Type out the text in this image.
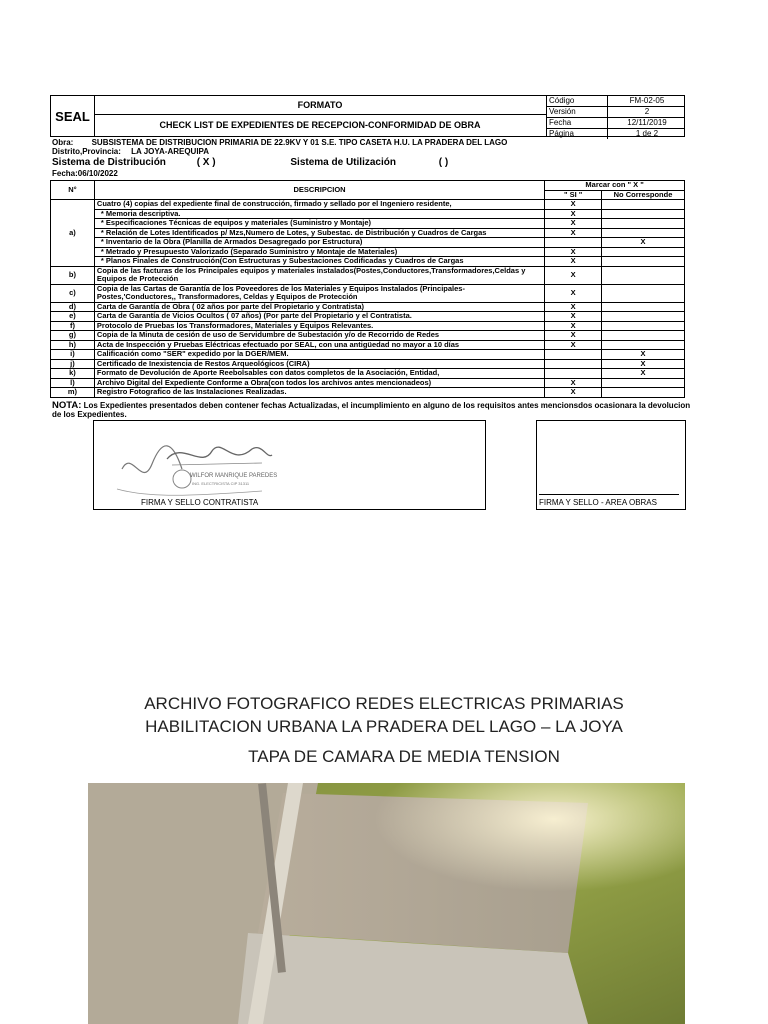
SEAL
FORMATO
CHECK LIST DE EXPEDIENTES DE RECEPCION-CONFORMIDAD DE OBRA
Código	FM-02-05
Versión	2
Fecha	12/11/2019
Página	1 de 2
Obra: SUBSISTEMA DE DISTRIBUCION PRIMARIA DE 22.9KV Y 01 S.E. TIPO CASETA H.U. LA PRADERA DEL LAGO
Distrito,Provincia: LA JOYA-AREQUIPA
Sistema de Distribución	( X )	Sistema de Utilización	( )
Fecha:06/10/2022
N°	DESCRIPCION	Marcar con " X "	
		" SI "	No Corresponde
a)	Cuatro (4) copias del expediente final de construcción, firmado y sellado por el Ingeniero residente,	X	
	* Memoria descriptiva.	X	
	* Especificaciones Técnicas de equipos y materiales (Suministro y Montaje)	X	
	* Relación de Lotes Identificados p/ Mzs,Numero de Lotes, y Subestac. de Distribución y Cuadros de Cargas	X	
	* Inventario de la Obra (Planilla de Armados Desagregado por Estructura)		X
	* Metrado y Presupuesto Valorizado (Separado Suministro y Montaje de Materiales)	X	
	* Planos Finales de Construcción(Con Estructuras y Subestaciones Codificadas y Cuadros de Cargas	X	
b)	Copia de las facturas de los Principales equipos y materiales instalados(Postes,Conductores,Transformadores,Celdas y Equipos de Protección	X	
c)	Copia de las Cartas de Garantía de los Poveedores de los Materiales y Equipos Instalados (Principales-Postes,'Conductores,, Transformadores, Celdas y Equipos de Protección	X	
d)	Carta de Garantía de Obra ( 02 años por parte del Propietario y Contratista)	X	
e)	Carta de Garantía de Vicios Ocultos ( 07 años) (Por parte del Propietario y el Contratista.	X	
f)	Protocolo de Pruebas los Transformadores, Materiales y Equipos Relevantes.	X	
g)	Copia de la Minuta de cesión de uso de Servidumbre de Subestación y/o de Recorrido de Redes	X	
h)	Acta de Inspección y Pruebas Eléctricas efectuado por SEAL, con una antigüedad no mayor a 10 días	X	
i)	Calificación como "SER" expedido por la DGER/MEM.		X
j)	Certificado de Inexistencia de Restos Arqueológicos (CIRA)		X
k)	Formato de Devolución de Aporte Reebolsables con datos completos de la Asociación, Entidad,		X
l)	Archivo Digital del Expediente Conforme a Obra(con todos los archivos antes mencionadeos)	X	
m)	Registro Fotografico de las Instalaciones Realizadas.	X	
NOTA: Los Expedientes presentados deben contener fechas Actualizadas, el incumplimiento en alguno de los requisitos antes mencionsdos ocasionara la devolucion de los Expedientes.
WILFOR MANRIQUE PAREDES
ING. ELECTRICISTA CIP 31311
FIRMA Y SELLO CONTRATISTA	FIRMA Y SELLO - AREA OBRAS
ARCHIVO FOTOGRAFICO REDES ELECTRICAS PRIMARIAS
HABILITACION URBANA LA PRADERA DEL LAGO – LA JOYA
TAPA DE CAMARA DE MEDIA TENSION
